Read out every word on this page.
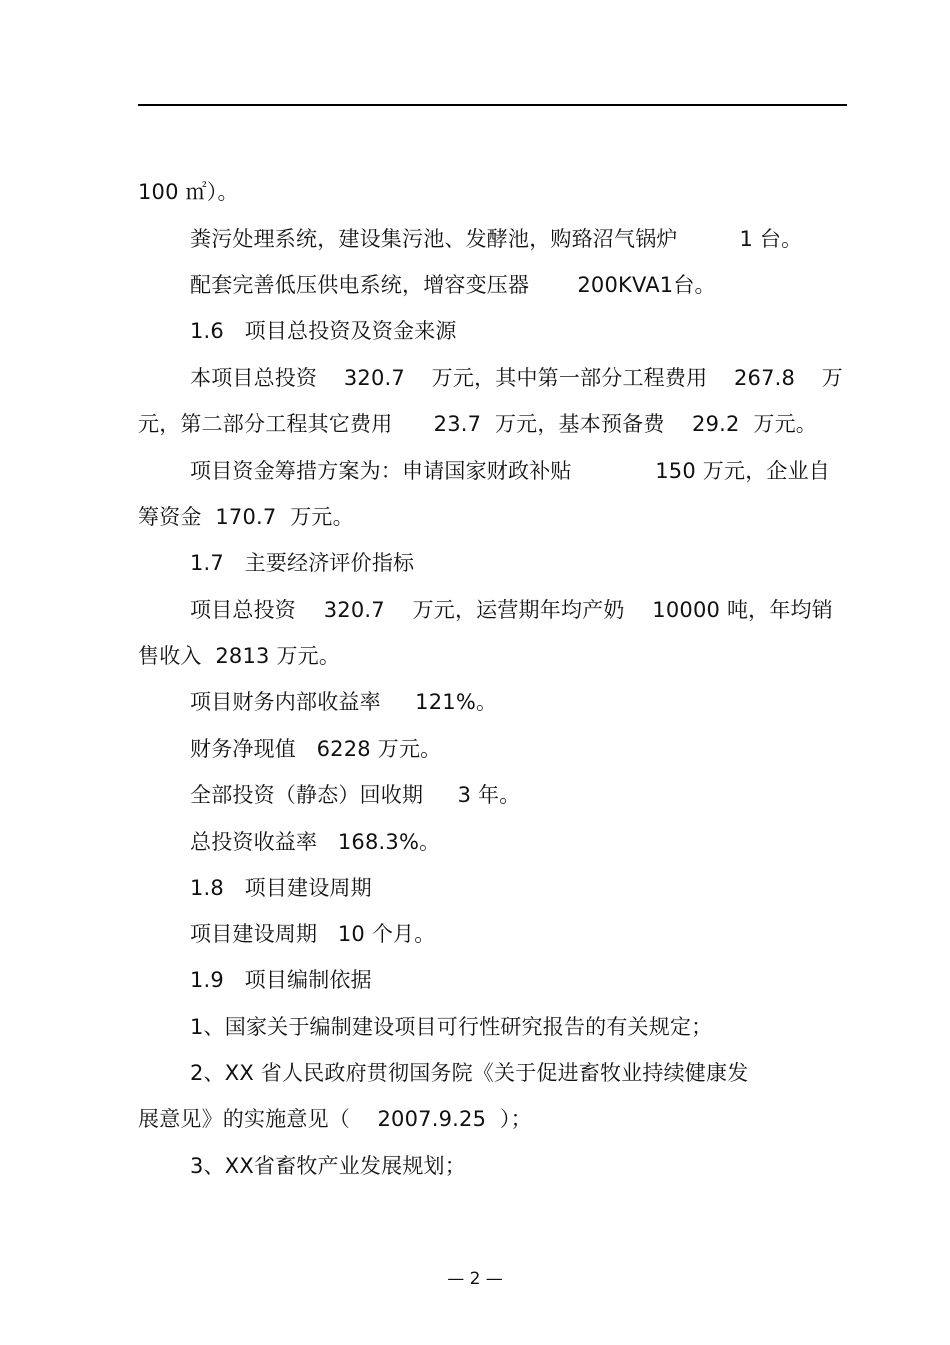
100 ㎡）。
粪污处理系统，建设集污池、发酵池，购臵沼气锅炉         1 台。
配套完善低压供电系统，增容变压器       200KVA1台。
1.6   项目总投资及资金来源
本项目总投资 320.7 万元，其中第一部分工程费用 267.8 万
元，第二部分工程其它费用      23.7  万元，基本预备费    29.2  万元。
项目资金筹措方案为：申请国家财政补贴	150 万元，企业自
筹资金  170.7  万元。
1.7   主要经济评价指标
项目总投资 320.7 万元，运营期年均产奶 10000 吨，年均销
售收入  2813 万元。
项目财务内部收益率     121%。
财务净现值   6228 万元。
全部投资（静态）回收期     3 年。
总投资收益率   168.3%。
1.8   项目建设周期
项目建设周期   10 个月。
1.9   项目编制依据
1、国家关于编制建设项目可行性研究报告的有关规定；
2、XX 省人民政府贯彻国务院《关于促进畜牧业持续健康发
展意见》的实施意见（    2007.9.25  ）；
3、XX省畜牧产业发展规划；
— 2 —
